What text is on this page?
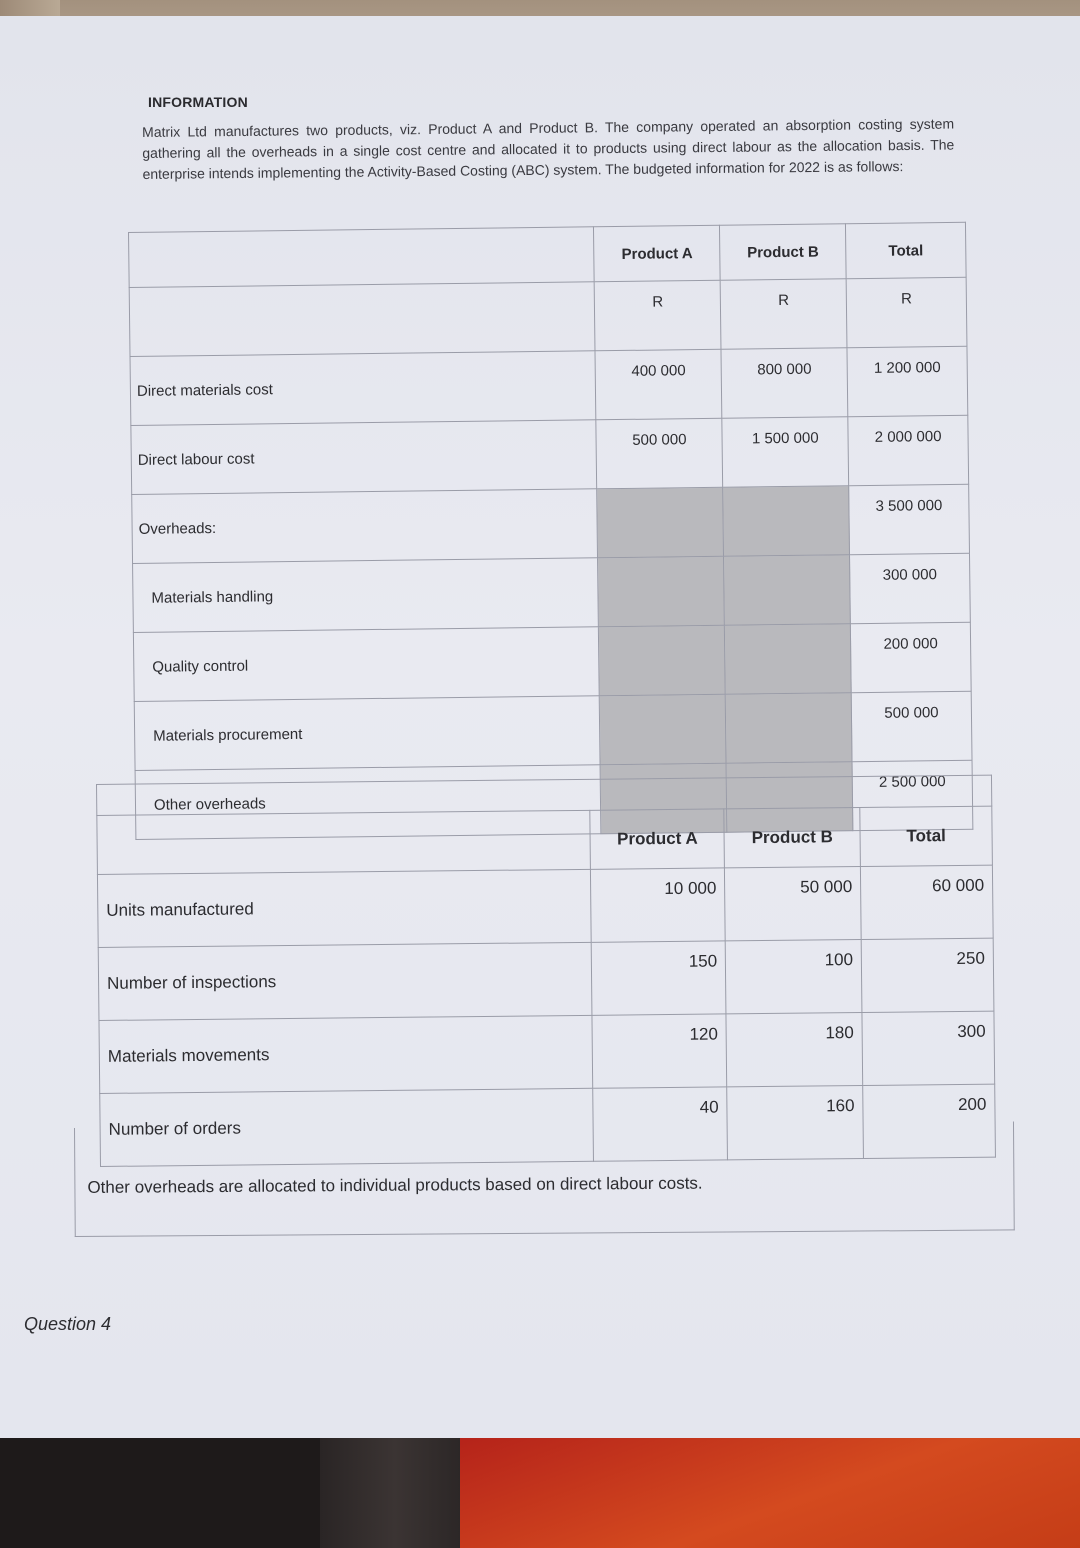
INFORMATION

Matrix Ltd manufactures two products, viz. Product A and Product B. The company operated an absorption costing system gathering all the overheads in a single cost centre and allocated it to products using direct labour as the allocation basis. The enterprise intends implementing the Activity-Based Costing (ABC) system. The budgeted information for 2022 is as follows:

	Product A	Product B	Total
	R	R	R
Direct materials cost	400 000	800 000	1 200 000
Direct labour cost	500 000	1 500 000	2 000 000
Overheads:			3 500 000
Materials handling			300 000
Quality control			200 000
Materials procurement			500 000
Other overheads			2 500 000

	Product A	Product B	Total
Units manufactured	10 000	50 000	60 000
Number of inspections	150	100	250
Materials movements	120	180	300
Number of orders	40	160	200

Other overheads are allocated to individual products based on direct labour costs.

Question 4
